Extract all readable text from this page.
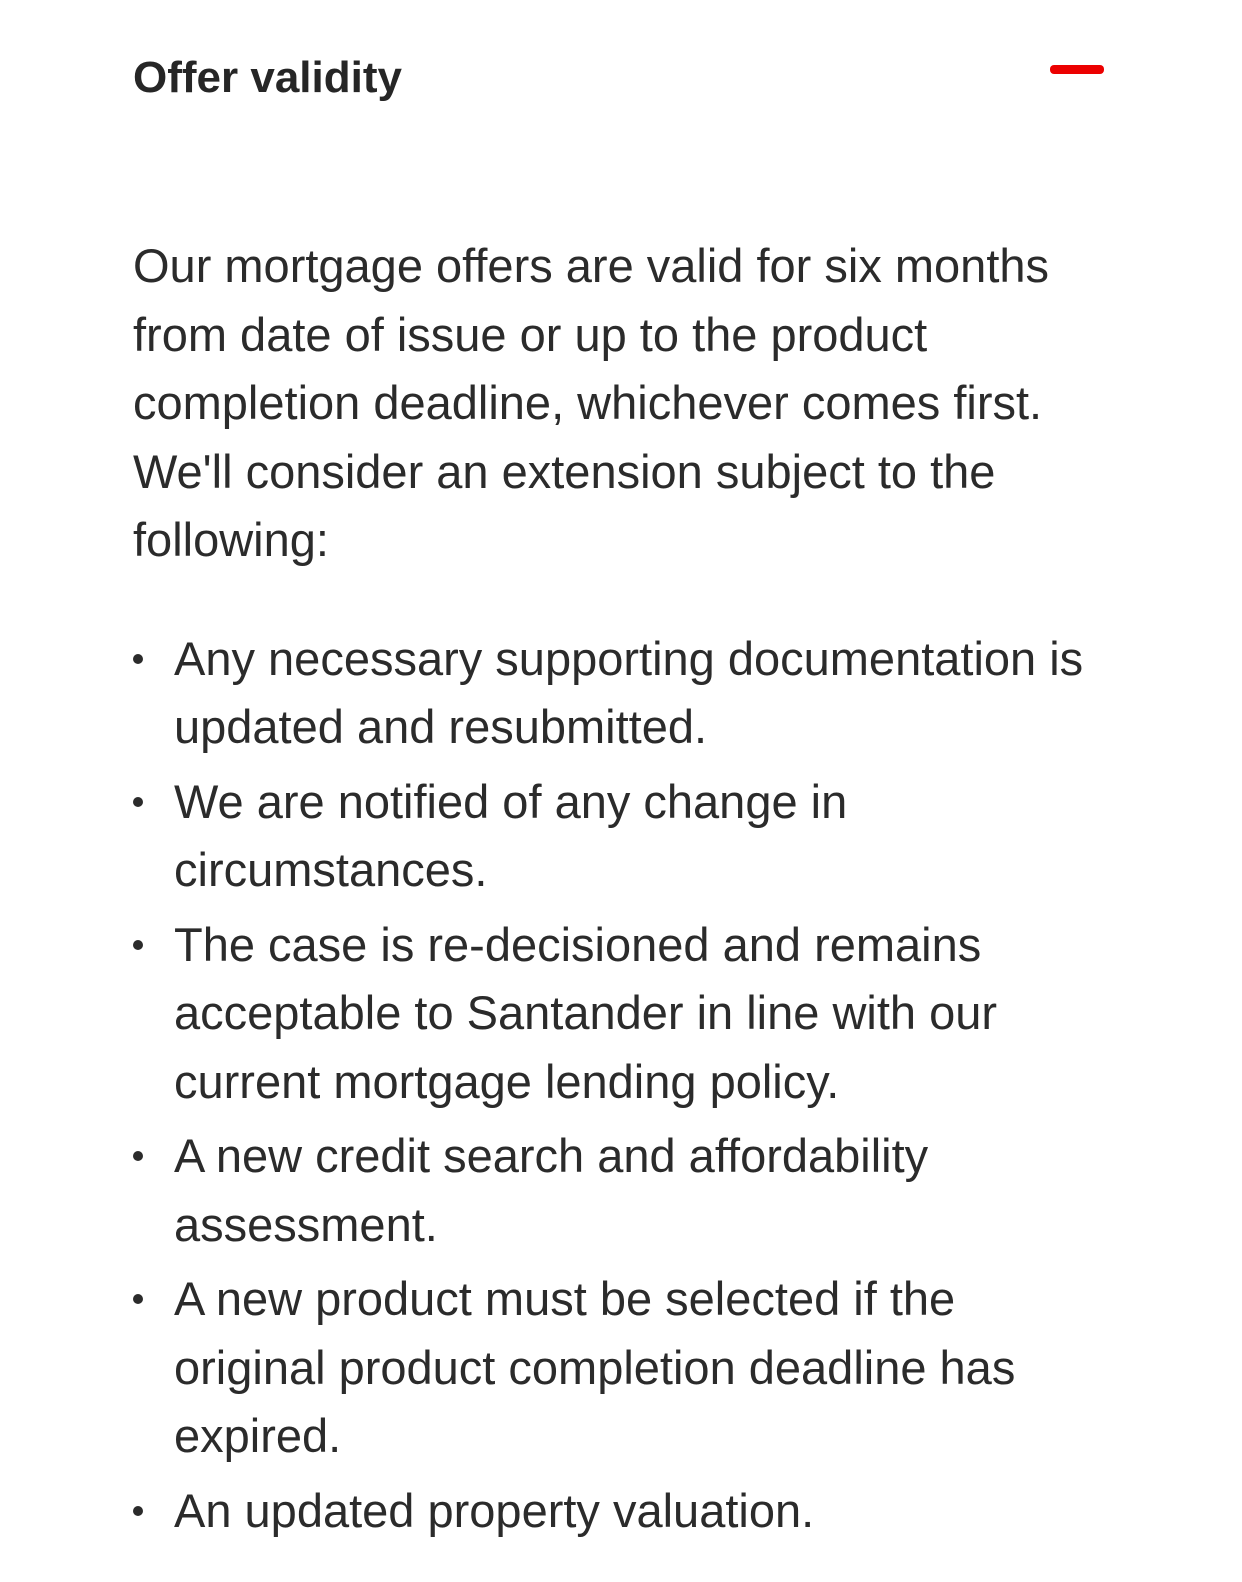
Offer validity

Our mortgage offers are valid for six months from date of issue or up to the product completion deadline, whichever comes first. We'll consider an extension subject to the following:

Any necessary supporting documentation is updated and resubmitted.
We are notified of any change in circumstances.
The case is re-decisioned and remains acceptable to Santander in line with our current mortgage lending policy.
A new credit search and affordability assessment.
A new product must be selected if the original product completion deadline has expired.
An updated property valuation.
